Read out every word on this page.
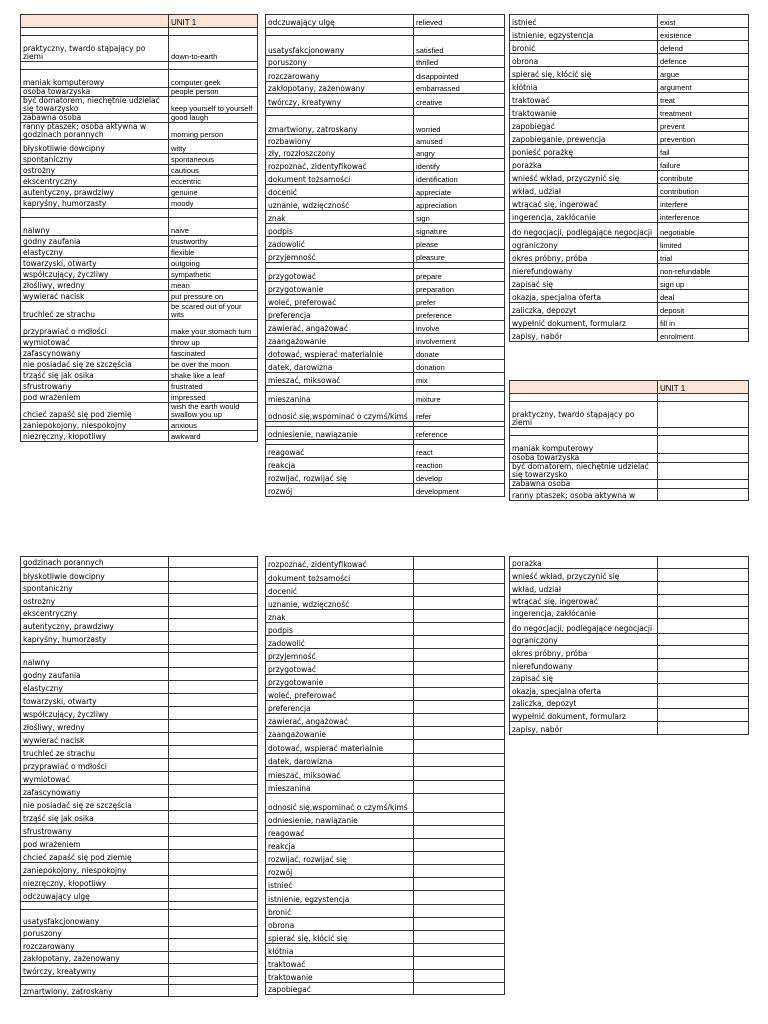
	UNIT 1

praktyczny, twardo stąpający po ziemi	down-to-earth

maniak komputerowy	computer geek
osoba towarzyska	people person
być domatorem, niechętnie udzielać się towarzysko	keep yourself to yourself
zabawna osoba	good laugh
ranny ptaszek; osoba aktywna w godzinach porannych	morning person
błyskotliwie dowcipny	witty
spontaniczny	spontaneous
ostrożny	cautious
ekscentryczny	eccentric
autentyczny, prawdziwy	genuine
kapryśny, humorzasty	moody

naiwny	naive
godny zaufania	trustworthy
elastyczny	flexible
towarzyski, otwarty	outgoing
współczujący, życzliwy	sympathetic
złośliwy, wredny	mean
wywierać nacisk	put pressure on
truchleć ze strachu	be scared out of your wits
przyprawiać o mdłości	make your stomach turn
wymiotować	throw up
zafascynowany	fascinated
nie posiadać się ze szczęścia	be over the moon
trząść się jak osika	shake like a leaf
sfrustrowany	frustrated
pod wrażeniem	impressed
chcieć zapaść się pod ziemię	wish the earth would swallow you up
zaniepokojony, niespokojny	anxious
niezręczny, kłopotliwy	awkward
odczuwający ulgę	relieved

usatysfakcjonowany	satisfied
poruszony	thrilled
rozczarowany	disappointed
zakłopotany, zażenowany	embarrassed
twórczy, kreatywny	creative

zmartwiony, zatroskany	worried
rozbawiony	amused
zły, rozzłoszczony	angry
rozpoznać, zidentyfikować	identify
dokument tożsamości	identification
docenić	appreciate
uznanie, wdzięczność	appreciation
znak	sign
podpis	signature
zadowolić	please
przyjemność	pleasure

przygotować	prepare
przygotowanie	preparation
woleć, preferować	prefer
preferencja	preference
zawierać, angażować	involve
zaangażowanie	involvement
dotować, wspierać materialnie	donate
datek, darowizna	donation
mieszać, miksować	mix

mieszanina	mixture
odnosić się,wspominać o czymś/kimś	refer

odniesienie, nawiązanie	reference

reagować	react
reakcja	reaction
rozwijać, rozwijać się	develop
rozwój	development
istnieć	exist
istnienie, egzystencja	existence
bronić	defend
obrona	defence
spierać się, kłócić się	argue
kłótnia	argument
traktować	treat
traktowanie	treatment
zapobiegać	prevent
zapobieganie, prewencja	prevention
ponieść porażkę	fail
porażka	failure
wnieść wkład, przyczynić się	contribute
wkład, udział	contribution
wtrącać się, ingerować	interfere
ingerencja, zakłócanie	interference
do negocjacji, podlegające negocjacji	negotiable
ograniczony	limited
okres próbny, próba	trial
nierefundowany	non-refundable
zapisać się	sign up
okazja, specjalna oferta	deal
zaliczka, depozyt	deposit
wypełnić dokument, formularz	fill in
zapisy, nabór	enrolment
	UNIT 1

praktyczny, twardo stąpający po ziemi	

maniak komputerowy	
osoba towarzyska	
być domatorem, niechętnie udzielać się towarzysko	
zabawna osoba	
ranny ptaszek; osoba aktywna w	
godzinach porannych	
błyskotliwie dowcipny	
spontaniczny	
ostrożny	
ekscentryczny	
autentyczny, prawdziwy	
kapryśny, humorzasty	

naiwny	
godny zaufania	
elastyczny	
towarzyski, otwarty	
współczujący, życzliwy	
złośliwy, wredny	
wywierać nacisk	
truchleć ze strachu	
przyprawiać o mdłości	
wymiotować	
zafascynowany	
nie posiadać się ze szczęścia	
trząść się jak osika	
sfrustrowany	
pod wrażeniem	
chcieć zapaść się pod ziemię	
zaniepokojony, niespokojny	
niezręczny, kłopotliwy	
odczuwający ulgę	

usatysfakcjonowany	
poruszony	
rozczarowany	
zakłopotany, zażenowany	
twórczy, kreatywny	

zmartwiony, zatroskany	
rozpoznać, zidentyfikować	
dokument tożsamości	
docenić	
uznanie, wdzięczność	
znak	
podpis	
zadowolić	
przyjemność	
przygotować	
przygotowanie	
woleć, preferować	
preferencja	
zawierać, angażować	
zaangażowanie	
dotować, wspierać materialnie	
datek, darowizna	
mieszać, miksować	
mieszanina	
odnosić się,wspominać o czymś/kimś	
odniesienie, nawiązanie	
reagować	
reakcja	
rozwijać, rozwijać się	
rozwój	
istnieć	
istnienie, egzystencja	
bronić	
obrona	
spierać się, kłócić się	
kłótnia	
traktować	
traktowanie	
zapobiegać	
porażka	
wnieść wkład, przyczynić się	
wkład, udział	
wtrącać się, ingerować	
ingerencja, zakłócanie	
do negocjacji, podlegające negocjacji	
ograniczony	
okres próbny, próba	
nierefundowany	
zapisać się	
okazja, specjalna oferta	
zaliczka, depozyt	
wypełnić dokument, formularz	
zapisy, nabór	
